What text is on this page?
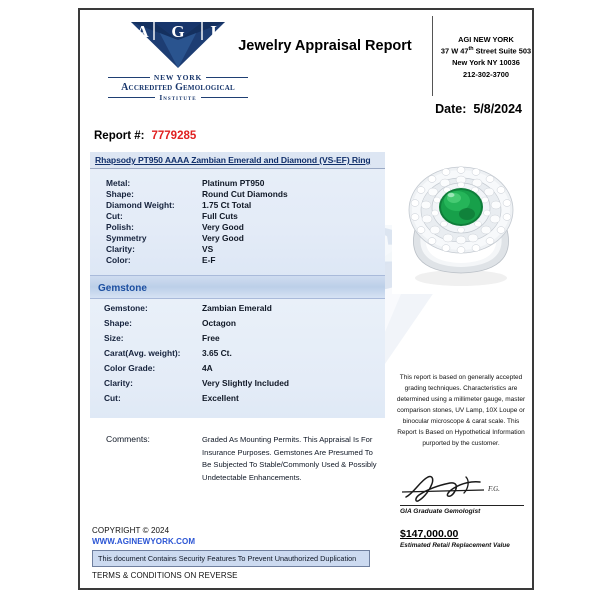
A G I
NEW YORK
Accredited Gemological
Institute
Jewelry Appraisal Report	AGI NEW YORK
37 W 47th Street Suite 503
New York NY 10036
212-302-3700
Date: 5/8/2024
Report #: 7779285
Rhapsody PT950 AAAA Zambian Emerald and Diamond (VS-EF) Ring
Metal:	Platinum PT950
Shape:	Round Cut Diamonds
Diamond Weight:	1.75 Ct Total
Cut:	Full Cuts
Polish:	Very Good
Symmetry	Very Good
Clarity:	VS
Color:	E-F
Gemstone
Gemstone:	Zambian Emerald
Shape:	Octagon
Size:	Free
Carat(Avg. weight):	3.65 Ct.
Color Grade:	4A
Clarity:	Very Slightly Included
Cut:	Excellent
Comments:	Graded As Mounting Permits. This Appraisal Is For Insurance Purposes. Gemstones Are Presumed To Be Subjected To Stable/Commonly Used & Possibly Undetectable Enhancements.
This report is based on generally accepted grading techniques. Characteristics are determined using a millimeter gauge, master comparison stones, UV Lamp, 10X Loupe or binocular microscope & carat scale. This Report Is Based on Hypothetical Information purported by the customer.
F.G.
GIA Graduate Gemologist
$147,000.00
Estimated Retail Replacement Value
COPYRIGHT © 2024
WWW.AGINEWYORK.COM
This document Contains Security Features To Prevent Unauthorized Duplication
TERMS & CONDITIONS ON REVERSE
